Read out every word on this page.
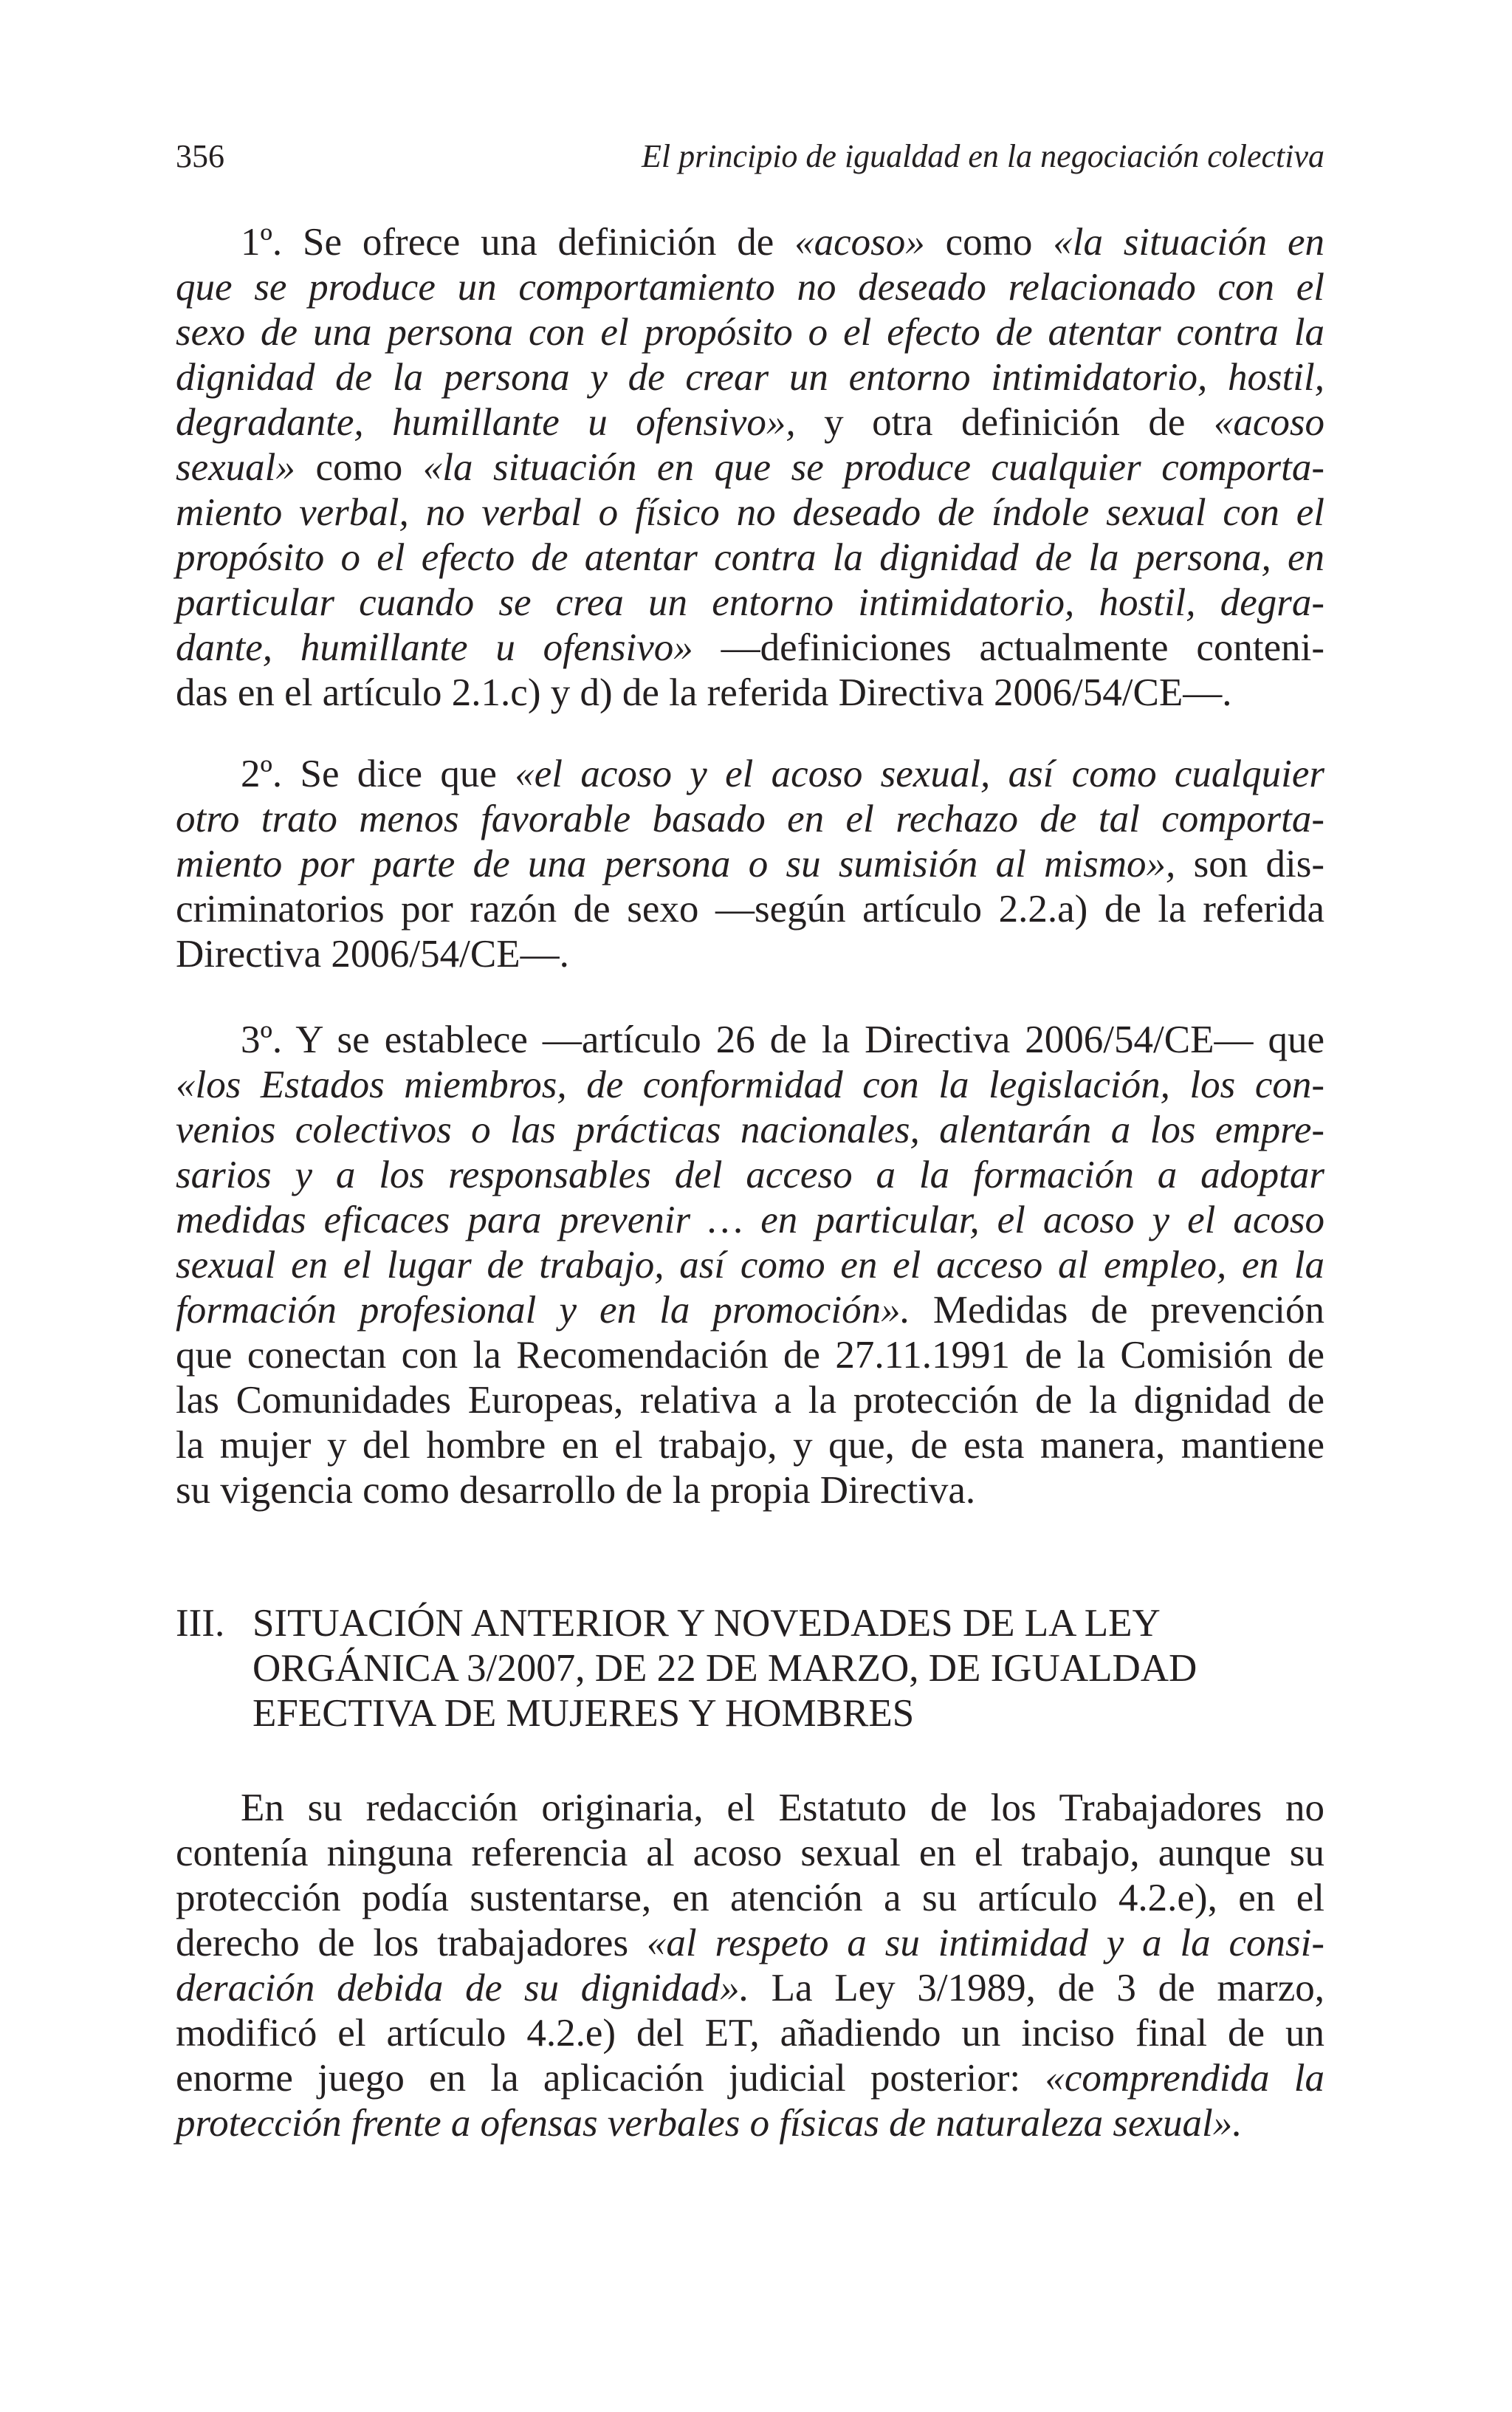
356	El principio de igualdad en la negociación colectiva
1º. Se ofrece una definición de «acoso» como «la situación en
que se produce un comportamiento no deseado relacionado con el
sexo de una persona con el propósito o el efecto de atentar contra la
dignidad de la persona y de crear un entorno intimidatorio, hostil,
degradante, humillante u ofensivo», y otra definición de «acoso
sexual» como «la situación en que se produce cualquier comporta-
miento verbal, no verbal o físico no deseado de índole sexual con el
propósito o el efecto de atentar contra la dignidad de la persona, en
particular cuando se crea un entorno intimidatorio, hostil, degra-
dante, humillante u ofensivo» —definiciones actualmente conteni-
das en el artículo 2.1.c) y d) de la referida Directiva 2006/54/CE—.
2º. Se dice que «el acoso y el acoso sexual, así como cualquier
otro trato menos favorable basado en el rechazo de tal comporta-
miento por parte de una persona o su sumisión al mismo», son dis-
criminatorios por razón de sexo —según artículo 2.2.a) de la referida
Directiva 2006/54/CE—.
3º. Y se establece —artículo 26 de la Directiva 2006/54/CE— que
«los Estados miembros, de conformidad con la legislación, los con-
venios colectivos o las prácticas nacionales, alentarán a los empre-
sarios y a los responsables del acceso a la formación a adoptar
medidas eficaces para prevenir … en particular, el acoso y el acoso
sexual en el lugar de trabajo, así como en el acceso al empleo, en la
formación profesional y en la promoción». Medidas de prevención
que conectan con la Recomendación de 27.11.1991 de la Comisión de
las Comunidades Europeas, relativa a la protección de la dignidad de
la mujer y del hombre en el trabajo, y que, de esta manera, mantiene
su vigencia como desarrollo de la propia Directiva.
III. SITUACIÓN ANTERIOR Y NOVEDADES DE LA LEY
ORGÁNICA 3/2007, DE 22 DE MARZO, DE IGUALDAD
EFECTIVA DE MUJERES Y HOMBRES
En su redacción originaria, el Estatuto de los Trabajadores no
contenía ninguna referencia al acoso sexual en el trabajo, aunque su
protección podía sustentarse, en atención a su artículo 4.2.e), en el
derecho de los trabajadores «al respeto a su intimidad y a la consi-
deración debida de su dignidad». La Ley 3/1989, de 3 de marzo,
modificó el artículo 4.2.e) del ET, añadiendo un inciso final de un
enorme juego en la aplicación judicial posterior: «comprendida la
protección frente a ofensas verbales o físicas de naturaleza sexual».
